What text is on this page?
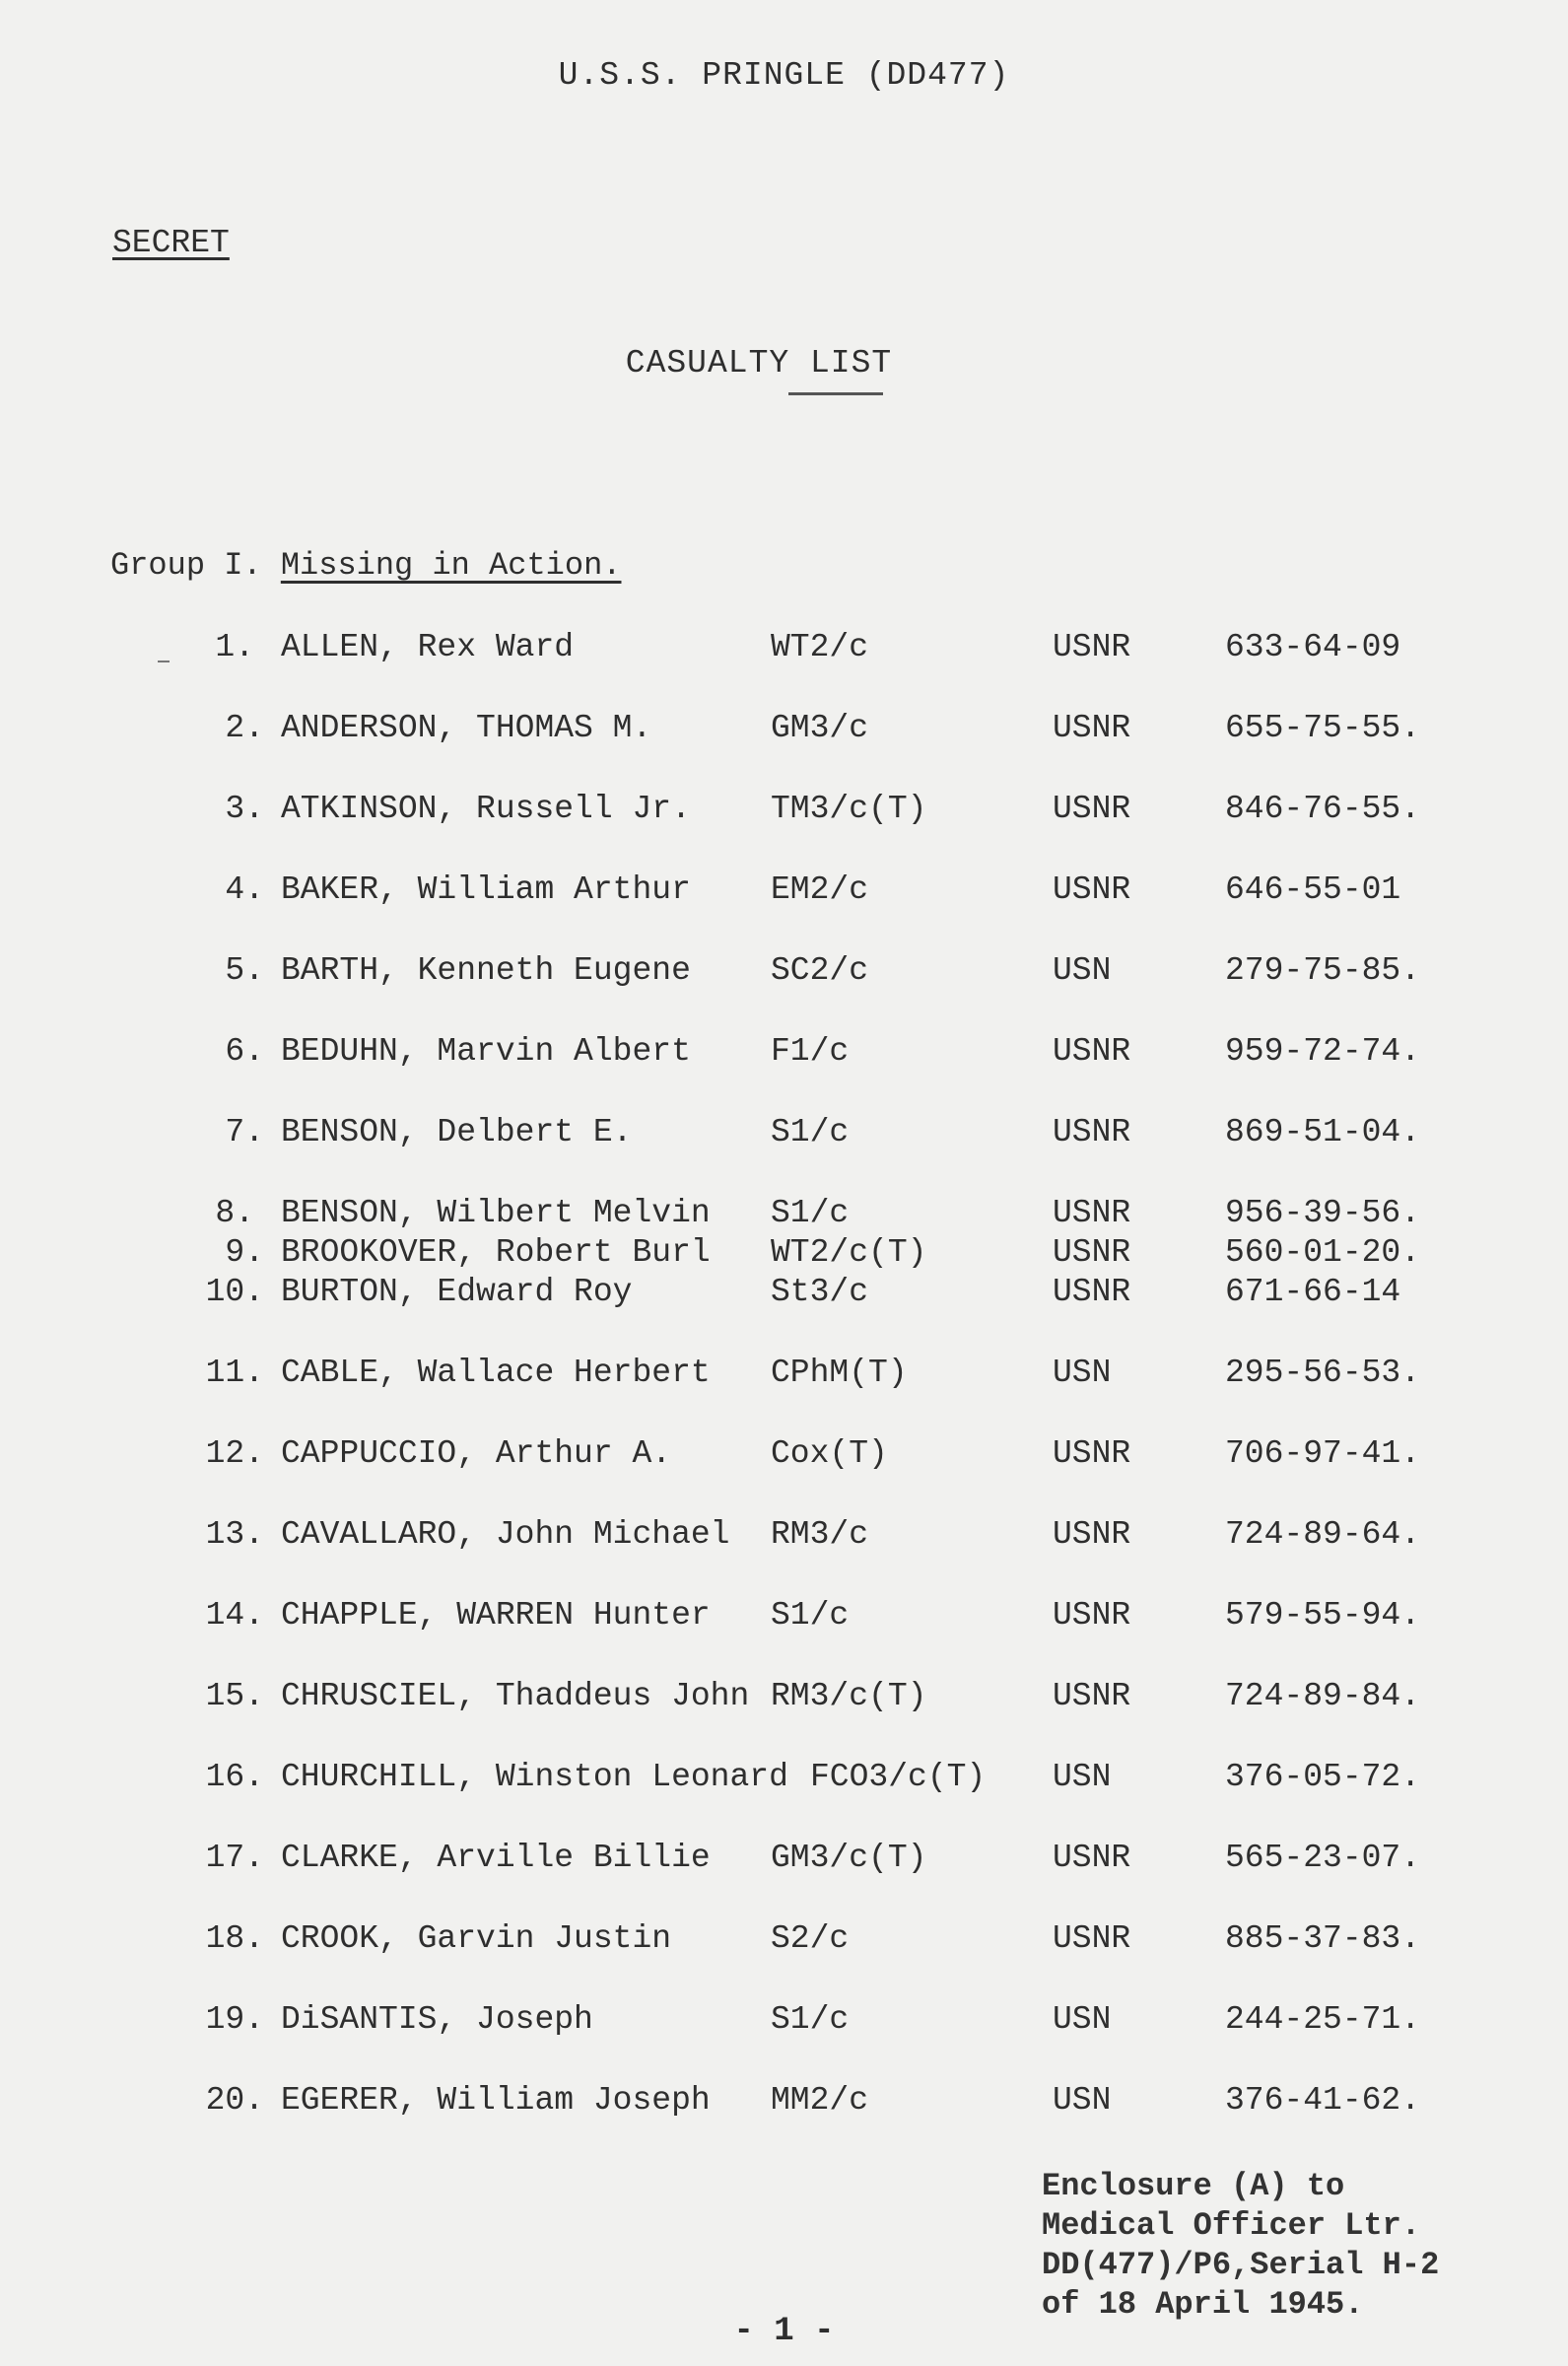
U.S.S. PRINGLE (DD477)
SECRET
CASUALTY LIST
Group I. Missing in Action.
1. ALLEN, Rex Ward	WT2/c	USNR	633-64-09
2. ANDERSON, THOMAS M.	GM3/c	USNR	655-75-55.
3. ATKINSON, Russell Jr. TM3/c(T)	USNR	846-76-55.
4. BAKER, William Arthur EM2/c	USNR	646-55-01
5. BARTH, Kenneth Eugene SC2/c	USN	279-75-85.
6. BEDUHN, Marvin Albert F1/c	USNR	959-72-74.
7. BENSON, Delbert E.	S1/c	USNR	869-51-04.
8. BENSON, Wilbert Melvin S1/c	USNR	956-39-56.
9. BROOKOVER, Robert Burl WT2/c(T)	USNR	560-01-20.
10. BURTON, Edward Roy	St3/c	USNR	671-66-14
11. CABLE, Wallace Herbert CPhM(T)	USN	295-56-53.
12. CAPPUCCIO, Arthur A.	Cox(T)	USNR	706-97-41.
13. CAVALLARO, John Michael RM3/c	USNR	724-89-64.
14. CHAPPLE, WARREN Hunter S1/c	USNR	579-55-94.
15. CHRUSCIEL, Thaddeus John RM3/c(T)	USNR	724-89-84.
16. CHURCHILL, Winston Leonard FCO3/c(T) USN	376-05-72.
17. CLARKE, Arville Billie GM3/c(T)	USNR	565-23-07.
18. CROOK, Garvin Justin	S2/c	USNR	885-37-83.
19. DiSANTIS, Joseph	S1/c	USN	244-25-71.
20. EGERER, William Joseph MM2/c	USN	376-41-62.
Enclosure (A) to
Medical Officer Ltr.
DD(477)/P6,Serial H-2
of 18 April 1945.
- 1 -
